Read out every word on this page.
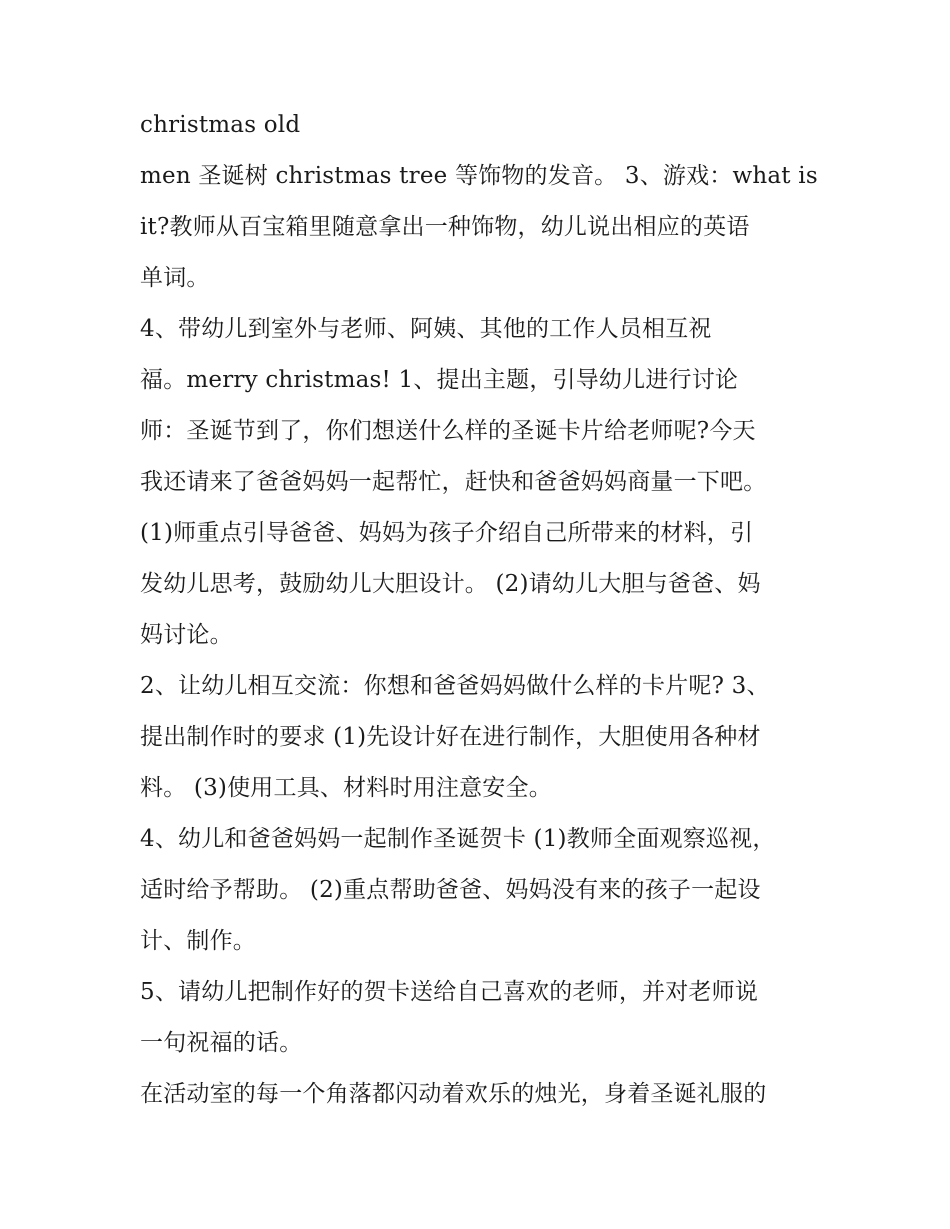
christmas old
men 圣诞树 christmas tree 等饰物的发音。 3、游戏：what is
it?教师从百宝箱里随意拿出一种饰物，幼儿说出相应的英语
单词。
4、带幼儿到室外与老师、阿姨、其他的工作人员相互祝
福。merry christmas! 1、提出主题，引导幼儿进行讨论
师：圣诞节到了，你们想送什么样的圣诞卡片给老师呢?今天
我还请来了爸爸妈妈一起帮忙，赶快和爸爸妈妈商量一下吧。
(1)师重点引导爸爸、妈妈为孩子介绍自己所带来的材料，引
发幼儿思考，鼓励幼儿大胆设计。 (2)请幼儿大胆与爸爸、妈
妈讨论。
2、让幼儿相互交流：你想和爸爸妈妈做什么样的卡片呢? 3、
提出制作时的要求 (1)先设计好在进行制作，大胆使用各种材
料。 (3)使用工具、材料时用注意安全。
4、幼儿和爸爸妈妈一起制作圣诞贺卡 (1)教师全面观察巡视，
适时给予帮助。 (2)重点帮助爸爸、妈妈没有来的孩子一起设
计、制作。
5、请幼儿把制作好的贺卡送给自己喜欢的老师，并对老师说
一句祝福的话。
在活动室的每一个角落都闪动着欢乐的烛光，身着圣诞礼服的
